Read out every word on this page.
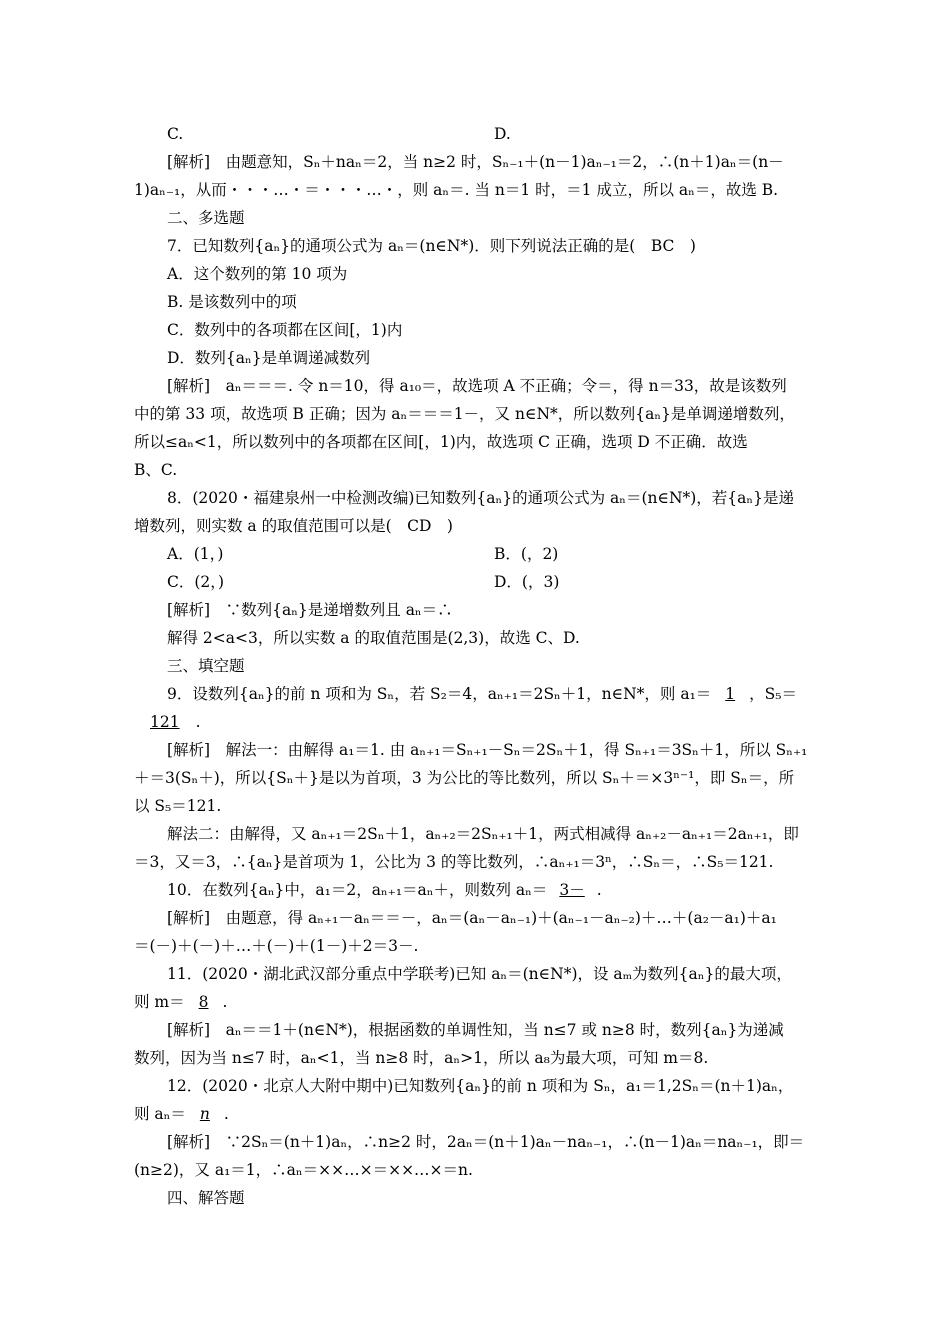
C.	D.
[解析]　由题意知，Sₙ＋naₙ＝2，当 n≥2 时，Sₙ₋₁＋(n－1)aₙ₋₁＝2，∴(n＋1)aₙ＝(n－
1)aₙ₋₁，从而・・・…・＝・・・…・，则 aₙ＝. 当 n＝1 时，＝1 成立，所以 aₙ＝，故选 B.
二、多选题
7．已知数列{aₙ}的通项公式为 aₙ＝(n∈N*)．则下列说法正确的是(　BC　)
A．这个数列的第 10 项为
B. 是该数列中的项
C．数列中的各项都在区间[，1)内
D．数列{aₙ}是单调递减数列
[解析]　aₙ＝＝＝. 令 n＝10，得 a₁₀＝，故选项 A 不正确；令＝，得 n＝33，故是该数列
中的第 33 项，故选项 B 正确；因为 aₙ＝＝＝1－，又 n∈N*，所以数列{aₙ}是单调递增数列，
所以≤aₙ<1，所以数列中的各项都在区间[，1)内，故选项 C 正确，选项 D 不正确．故选
B、C.
8．(2020・福建泉州一中检测改编)已知数列{aₙ}的通项公式为 aₙ＝(n∈N*)，若{aₙ}是递
增数列，则实数 a 的取值范围可以是(　CD　)
A．(1，)	B．(，2)
C．(2，)	D．(，3)
[解析]　∵数列{aₙ}是递增数列且 aₙ＝∴
解得 2<a<3，所以实数 a 的取值范围是(2,3)，故选 C、D.
三、填空题
9．设数列{aₙ}的前 n 项和为 Sₙ，若 S₂＝4，aₙ₊₁＝2Sₙ＋1，n∈N*，则 a₁＝ 1 ，S₅＝
121 .
[解析]　解法一：由解得 a₁＝1. 由 aₙ₊₁＝Sₙ₊₁－Sₙ＝2Sₙ＋1，得 Sₙ₊₁＝3Sₙ＋1，所以 Sₙ₊₁
＋＝3(Sₙ＋)，所以{Sₙ＋}是以为首项，3 为公比的等比数列，所以 Sₙ＋＝×3ⁿ⁻¹，即 Sₙ＝，所
以 S₅＝121.
解法二：由解得，又 aₙ₊₁＝2Sₙ＋1，aₙ₊₂＝2Sₙ₊₁＋1，两式相减得 aₙ₊₂－aₙ₊₁＝2aₙ₊₁，即
＝3，又＝3，∴{aₙ}是首项为 1，公比为 3 的等比数列，∴aₙ₊₁＝3ⁿ，∴Sₙ＝，∴S₅＝121.
10．在数列{aₙ}中，a₁＝2，aₙ₊₁＝aₙ＋，则数列 aₙ＝ 3－ .
[解析]　由题意，得 aₙ₊₁－aₙ＝＝－，aₙ＝(aₙ－aₙ₋₁)＋(aₙ₋₁－aₙ₋₂)＋…＋(a₂－a₁)＋a₁
＝(－)＋(－)＋…＋(－)＋(1－)＋2＝3－.
11．(2020・湖北武汉部分重点中学联考)已知 aₙ＝(n∈N*)，设 aₘ为数列{aₙ}的最大项，
则 m＝ 8 .
[解析]　aₙ＝＝1＋(n∈N*)，根据函数的单调性知，当 n≤7 或 n≥8 时，数列{aₙ}为递减
数列，因为当 n≤7 时，aₙ<1，当 n≥8 时，aₙ>1，所以 a₈为最大项，可知 m＝8.
12．(2020・北京人大附中期中)已知数列{aₙ}的前 n 项和为 Sₙ，a₁＝1,2Sₙ＝(n＋1)aₙ，
则 aₙ＝ n .
[解析]　∵2Sₙ＝(n＋1)aₙ，∴n≥2 时，2aₙ＝(n＋1)aₙ－naₙ₋₁，∴(n－1)aₙ＝naₙ₋₁，即＝
(n≥2)，又 a₁＝1，∴aₙ＝××…×＝××…×＝n.
四、解答题
